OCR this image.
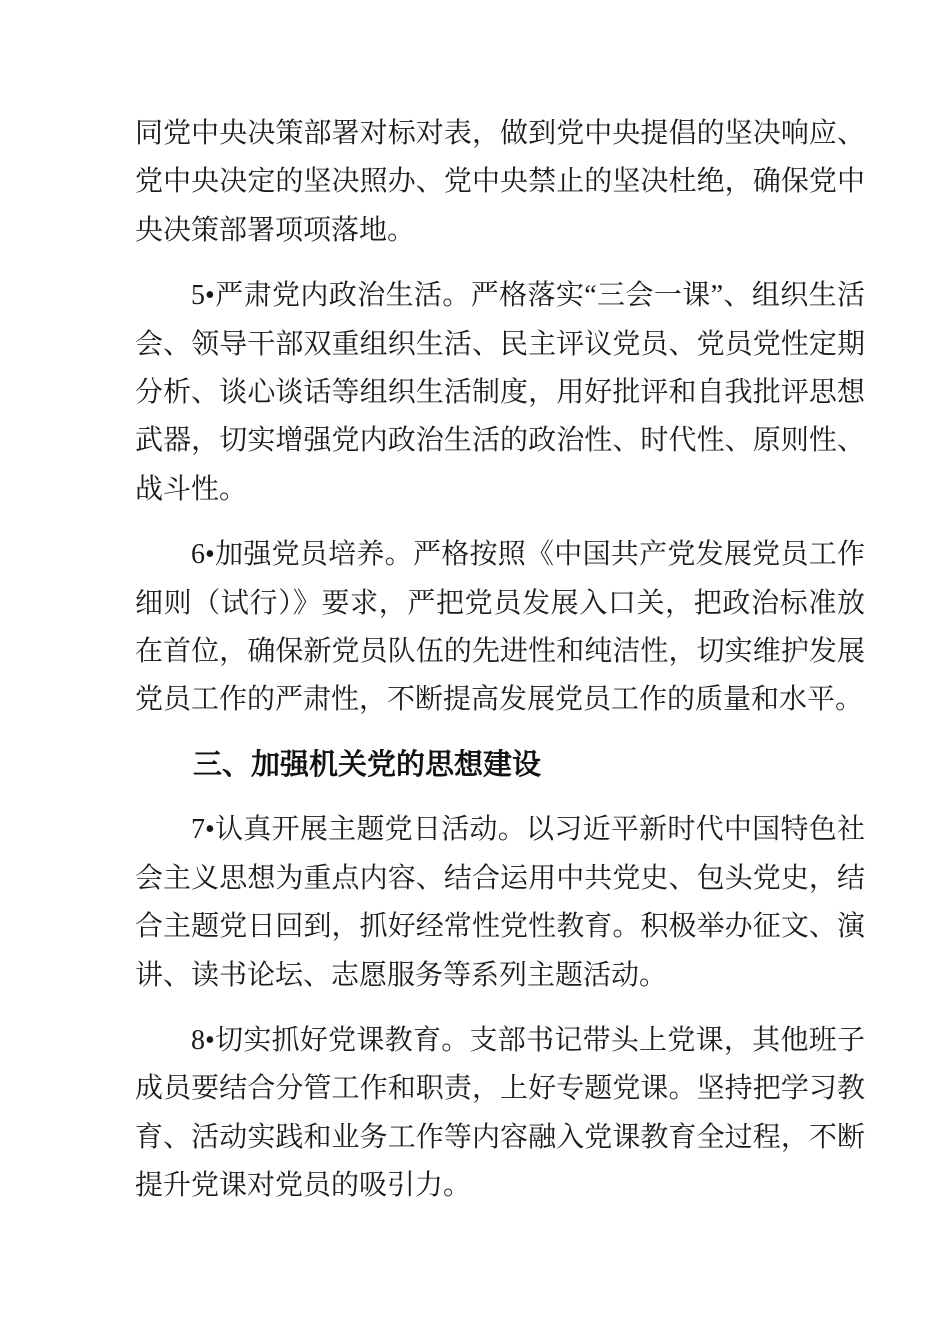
同党中央决策部署对标对表，做到党中央提倡的坚决响应、党中央决定的坚决照办、党中央禁止的坚决杜绝，确保党中央决策部署项项落地。

5•严肃党内政治生活。严格落实“三会一课”、组织生活会、领导干部双重组织生活、民主评议党员、党员党性定期分析、谈心谈话等组织生活制度，用好批评和自我批评思想武器，切实增强党内政治生活的政治性、时代性、原则性、战斗性。

6•加强党员培养。严格按照《中国共产党发展党员工作细则（试行）》要求，严把党员发展入口关，把政治标准放在首位，确保新党员队伍的先进性和纯洁性，切实维护发展党员工作的严肃性，不断提高发展党员工作的质量和水平。

三、加强机关党的思想建设

7•认真开展主题党日活动。以习近平新时代中国特色社会主义思想为重点内容、结合运用中共党史、包头党史，结合主题党日回到，抓好经常性党性教育。积极举办征文、演讲、读书论坛、志愿服务等系列主题活动。

8•切实抓好党课教育。支部书记带头上党课，其他班子成员要结合分管工作和职责，上好专题党课。坚持把学习教育、活动实践和业务工作等内容融入党课教育全过程，不断提升党课对党员的吸引力。
